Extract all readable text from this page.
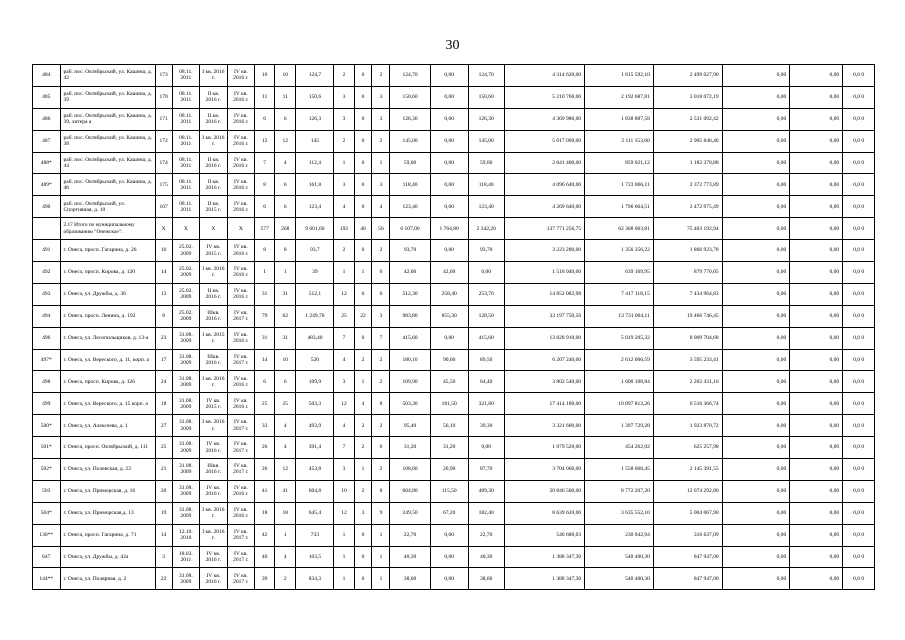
30
484	раб. пос. Октябрьский, ул. Кашина, д. 42	173	08.11. 2011	I кв. 2016 г.	IV кв. 2016 г.	10	10	124,7	2	0	2	124,70	0,00	124,70	4 314 620,00	1 815 592,10	2 499 027,90	0,00	0,00	0,0 0
485	раб. пос. Октябрьский, ул. Кашина, д. 39	170	08.11. 2011	II кв. 2016 г.	IV кв. 2016 г.	11	11	150,6	3	0	3	150,60	0,00	150,60	5 210 760,00	2 192 687,81	3 018 072,19	0,00	0,00	0,0 0
486	раб. пос. Октябрьский, ул. Кашина, д. 39, литера а	171	08.11. 2011	II кв. 2016 г.	IV кв. 2016 г.	6	6	126,3	3	0	3	126,30	0,00	126,30	4 369 980,00	1 838 887,58	2 531 092,42	0,00	0,00	0,0 0
487	раб. пос. Октябрьский, ул. Кашина, д. 38	172	08.11. 2011	I кв. 2016 г.	IV кв. 2016 г.	12	12	145	2	0	2	145,00	0,00	145,00	5 017 000,00	2 111 153,60	2 905 846,40	0,00	0,00	0,0 0
488*	раб. пос. Октябрьский, ул. Кашина, д. 44	174	08.11. 2011	II кв. 2016 г.	IV кв. 2016 г.	7	4	112,4	1	0	1	59,00	0,00	59,00	2 041 400,00	859 021,12	1 182 378,88	0,00	0,00	0,0 0
489*	раб. пос. Октябрьский, ул. Кашина, д. 46	175	08.11. 2011	II кв. 2016 г.	IV кв. 2016 г.	8	6	161,8	3	0	3	118,40	0,00	118,40	4 096 640,00	1 723 866,11	2 372 773,89	0,00	0,00	0,0 0
490	раб. пос. Октябрьский, ул. Спортивная, д. 10	167	08.11. 2011	II кв. 2015 г.	IV кв. 2016 г.	6	6	123,4	4	0	4	123,40	0,00	123,40	4 269 640,00	1 796 664,51	2 472 975,49	0,00	0,00	0,0 0
	2.17 Итого по муниципальному образованию "Онежское":	X	X	X	X	577	268	9 601,60	192	46	56	6 107,00	1 764,80	2 342,20	137 771 256,75	62 368 063,81	75 403 192,94	0,00	0,00	0,0 0
491	г. Онега, просп. Гагарина, д. 26	10	25.02. 2009	IV кв. 2015 г.	IV кв. 2016 г.	8	8	93,7	2	0	2	93,70	0,00	93,70	3 223 280,00	1 356 356,22	1 866 923,78	0,00	0,00	0,0 0
492	г. Онега, просп. Кирова, д. 120	14	25.02. 2009	I кв. 2016 г.	IV кв. 2016 г.	1	1	39	1	1	0	42,60	42,60	0,00	1 518 940,00	639 169,95	879 770,05	0,00	0,00	0,0 0
493	г. Онега, ул. Дружбы, д. 36	13	25.02. 2009	II кв. 2016 г.	IV кв. 2016 г.	31	31	512,1	12	6	6	512,30	258,40	253,70	14 852 082,98	7 417 118,15	7 434 964,83	0,00	0,00	0,0 0
494	г. Онега, просп. Ленина, д. 192	8	25.02. 2009	IIIкв. 2016 г.	IV кв. 2017 г.	79	62	1 249,70	25	22	3	983,80	855,30	128,50	33 197 750,56	13 731 004,11	19 466 746,45	0,00	0,00	0,0 0
496	г. Онега, ул. Лесопильщиков, д. 13-а	23	31.08. 2009	I кв. 2015 г.	IV кв. 2016 г.	31	31	483,40	7	0	7	415,60	0,00	415,60	13 828 910,00	5 819 205,32	8 009 704,68	0,00	0,00	0,0 0
497*	г. Онега, ул. Вереского, д. 11, корп. а	17	31.08. 2009	IIIкв. 2016 г.	IV кв. 2017 г.	14	10	520	4	2	2	180,10	90,60	89,50	6 207 240,00	2 612 006,59	3 595 233,41	0,00	0,00	0,0 0
498	г. Онега, просп. Кирова, д. 126	24	31.08. 2009	I кв. 2016 г.	IV кв. 2016 г.	6	6	109,9	3	1	2	109,90	45,50	64,40	3 802 540,00	1 600 108,84	2 202 431,16	0,00	0,00	0,0 0
499	г. Онега, ул. Вереского, д. 15 корп. а	18	31.08. 2009	IV кв. 2015 г.	IV кв. 2016 г.	25	25	503,3	12	4	8	503,30	181,50	321,80	17 414 180,00	10 897 813,26	6 516 366,74	0,00	0,00	0,0 0
500*	г. Онега, ул. Алексеева, д. 1	27	31.08. 2009	I кв. 2016 г.	IV кв. 2017 г.	33	4	493,9	4	2	2	95,40	56,10	39,30	3 321 600,00	1 397 729,28	1 923 870,72	0,00	0,00	0,0 0
501*	г. Онега, просп. Октябрьский, д. 111	25	31.08. 2009	IV кв. 2016 г.	IV кв. 2017 г.	26	4	391,4	7	2	0	31,20	31,20	0,00	1 079 520,00	454 262,02	625 257,98	0,00	0,00	0,0 0
502*	г. Онега, ул. Полевская, д. 23	21	31.08. 2009	IIIкв. 2016 г.	IV кв. 2017 г.	26	12	453,8	3	1	2	108,60	20,90	87,70	3 704 060,00	1 558 668,45	2 145 391,55	0,00	0,00	0,0 0
503	г. Онега, ул. Приморская, д. 16	20	31.08. 2009	IV кв. 2016 г.	IV кв. 2016 г.	41	41	604,8	10	2	8	604,80	115,50	489,30	20 846 500,00	8 772 207,20	12 074 292,80	0,00	0,00	0,0 0
504*	г. Онега, ул. Приморская,д. 13	19	31.08. 2009	I кв. 2016 г.	IV кв. 2016 г.	18	18	645,4	12	3	9	249,50	67,20	182,40	8 639 620,00	3 635 552,10	5 004 067,90	0,00	0,00	0,0 0
130**	г. Онега, просп. Гагарина, д. 71	14	12.10. 2010	I кв. 2016 г.	IV кв. 2017 г.	42	1	733	1	0	1	22,70	0,00	22,70	546 680,03	230 042,94	316 637,09	0,00	0,00	0,0 0
647	г. Онега, ул. Дружбы, д. 42а	3	18.03. 2011	IV кв. 2016 г.	IV кв. 2017 г.	40	4	103,5	1	0	1	40,30	0,00	40,30	1 388 347,30	540 400,30	847 947,00	0,00	0,00	0,0 0
144**	г. Онега, ул. Полярная, д. 2	22	31.08. 2009	IV кв. 2016 г.	IV кв. 2017 г.	39	2	834,3	1	0	1	38,60	0,00	38,60	1 388 347,30	540 400,30	847 947,00	0,00	0,00	0,0 0
